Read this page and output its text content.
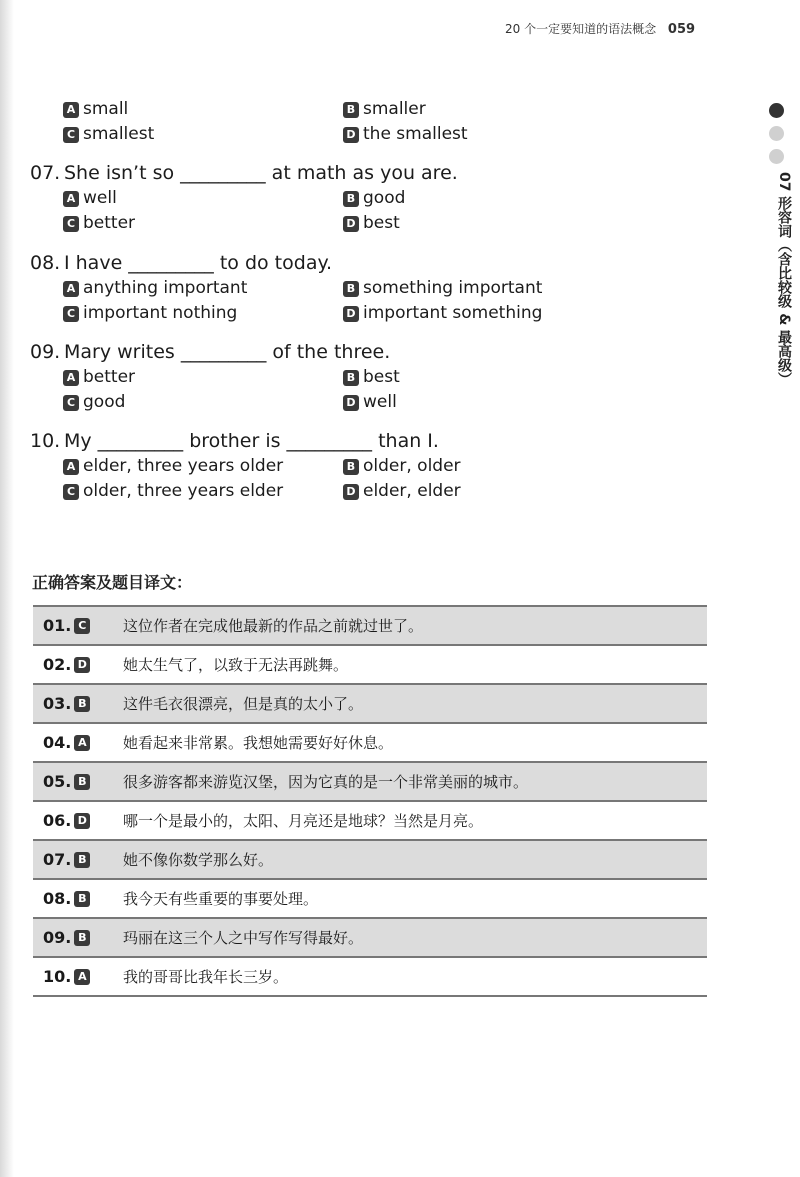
20 个一定要知道的语法概念 059
07 形容词（含比较级 & 最高级）
A small	B smaller
C smallest	D the smallest
07. She isn’t so _________ at math as you are.
A well	B good
C better	D best
08. I have _________ to do today.
A anything important	B something important
C important nothing	D important something
09. Mary writes _________ of the three.
A better	B best
C good	D well
10. My _________ brother is _________ than I.
A elder, three years older	B older, older
C older, three years elder	D elder, elder
正确答案及题目译文：
01. C 这位作者在完成他最新的作品之前就过世了。
02. D 她太生气了，以致于无法再跳舞。
03. B 这件毛衣很漂亮，但是真的太小了。
04. A 她看起来非常累。我想她需要好好休息。
05. B 很多游客都来游览汉堡，因为它真的是一个非常美丽的城市。
06. D 哪一个是最小的，太阳、月亮还是地球？当然是月亮。
07. B 她不像你数学那么好。
08. B 我今天有些重要的事要处理。
09. B 玛丽在这三个人之中写作写得最好。
10. A 我的哥哥比我年长三岁。
